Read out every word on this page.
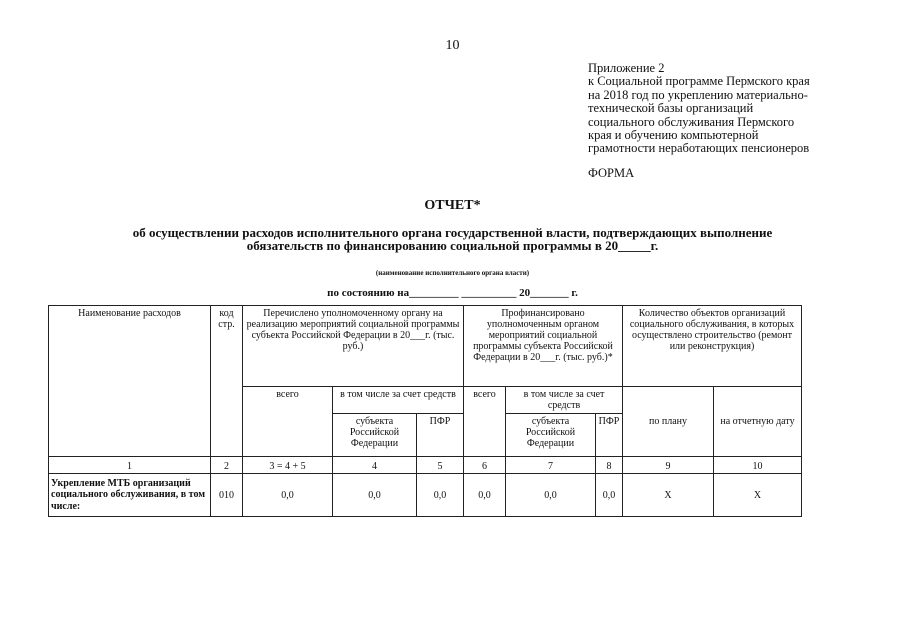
10
Приложение 2
к Социальной программе Пермского края
на 2018 год по укреплению материально-
технической базы организаций
социального обслуживания Пермского
края и обучению компьютерной
грамотности неработающих пенсионеров
ФОРМА
ОТЧЕТ*
об осуществлении расходов исполнительного органа государственной власти, подтверждающих выполнение
обязательств по финансированию социальной программы в 20_____г.
(наименование исполнительного органа власти)
по состоянию на_________ __________ 20_______ г.
Наименование расходов	код стр.	Перечислено уполномоченному органу на реализацию мероприятий социальной программы субъекта Российской Федерации в 20___г. (тыс. руб.)			Профинансировано уполномоченным органом мероприятий социальной программы субъекта Российской Федерации в 20___г. (тыс. руб.)*			Количество объектов организаций социального обслуживания, в которых осуществлено строительство (ремонт или реконструкция)	
		всего	в том числе за счет средств		всего	в том числе за счет средств		по плану	на отчетную дату
			субъекта Российской Федерации	ПФР		субъекта Российской Федерации	ПФР		
1	2	3 = 4 + 5	4	5	6	7	8	9	10
Укрепление МТБ организаций социального обслуживания, в том числе:	010	0,0	0,0	0,0	0,0	0,0	0,0	Х	Х
